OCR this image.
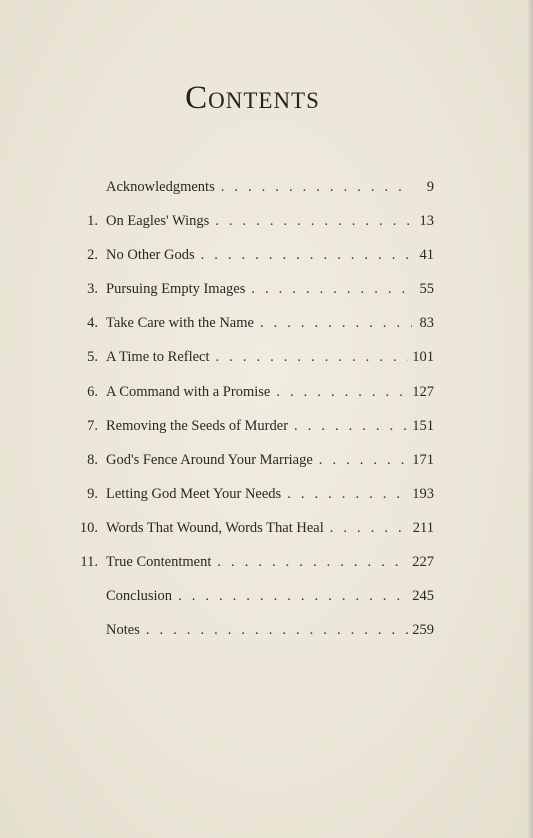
Contents
Acknowledgments . . .	9
1. On Eagles' Wings . . .	13
2. No Other Gods . . .	41
3. Pursuing Empty Images . . .	55
4. Take Care with the Name . . .	83
5. A Time to Reflect . . .	101
6. A Command with a Promise . . .	127
7. Removing the Seeds of Murder . . .	151
8. God's Fence Around Your Marriage . . .	171
9. Letting God Meet Your Needs . . .	193
10. Words That Wound, Words That Heal . . .	211
11. True Contentment . . .	227
Conclusion . . .	245
Notes . . .	259
